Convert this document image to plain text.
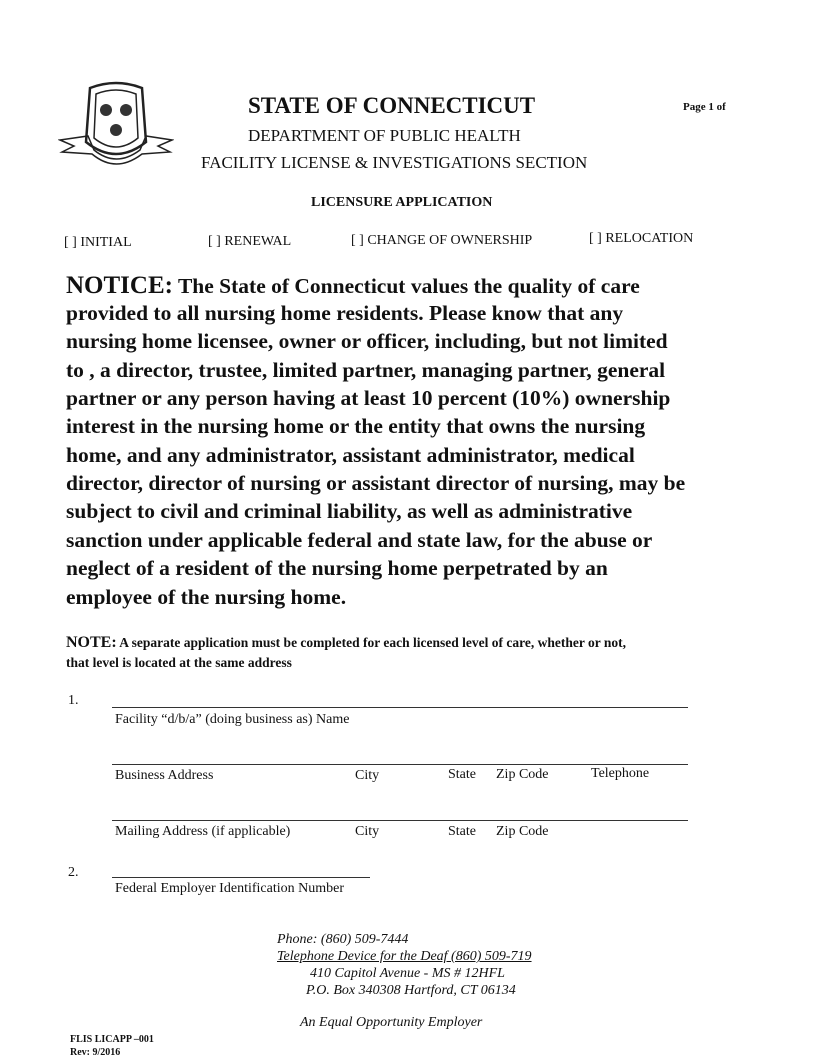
STATE OF CONNECTICUT	Page 1 of
DEPARTMENT OF PUBLIC HEALTH
FACILITY LICENSE & INVESTIGATIONS SECTION
LICENSURE APPLICATION
[ ] INITIAL	[ ] RENEWAL	[ ] CHANGE OF OWNERSHIP	[ ] RELOCATION
NOTICE: The State of Connecticut values the quality of care
provided to all nursing home residents. Please know that any
nursing home licensee, owner or officer, including, but not limited
to , a director, trustee, limited partner, managing partner, general
partner or any person having at least 10 percent (10%) ownership
interest in the nursing home or the entity that owns the nursing
home, and any administrator, assistant administrator, medical
director, director of nursing or assistant director of nursing, may be
subject to civil and criminal liability, as well as administrative
sanction under applicable federal and state law, for the abuse or
neglect of a resident of the nursing home perpetrated by an
employee of the nursing home.
NOTE: A separate application must be completed for each licensed level of care, whether or not,
that level is located at the same address
1.
Facility “d/b/a” (doing business as) Name
Business Address	City	State Zip Code	Telephone
Mailing Address (if applicable)	City	State Zip Code
2.
Federal Employer Identification Number
Phone: (860) 509-7444
Telephone Device for the Deaf (860) 509-719
410 Capitol Avenue - MS # 12HFL
P.O. Box 340308 Hartford, CT 06134
An Equal Opportunity Employer
FLIS LICAPP –001
Rev: 9/2016
